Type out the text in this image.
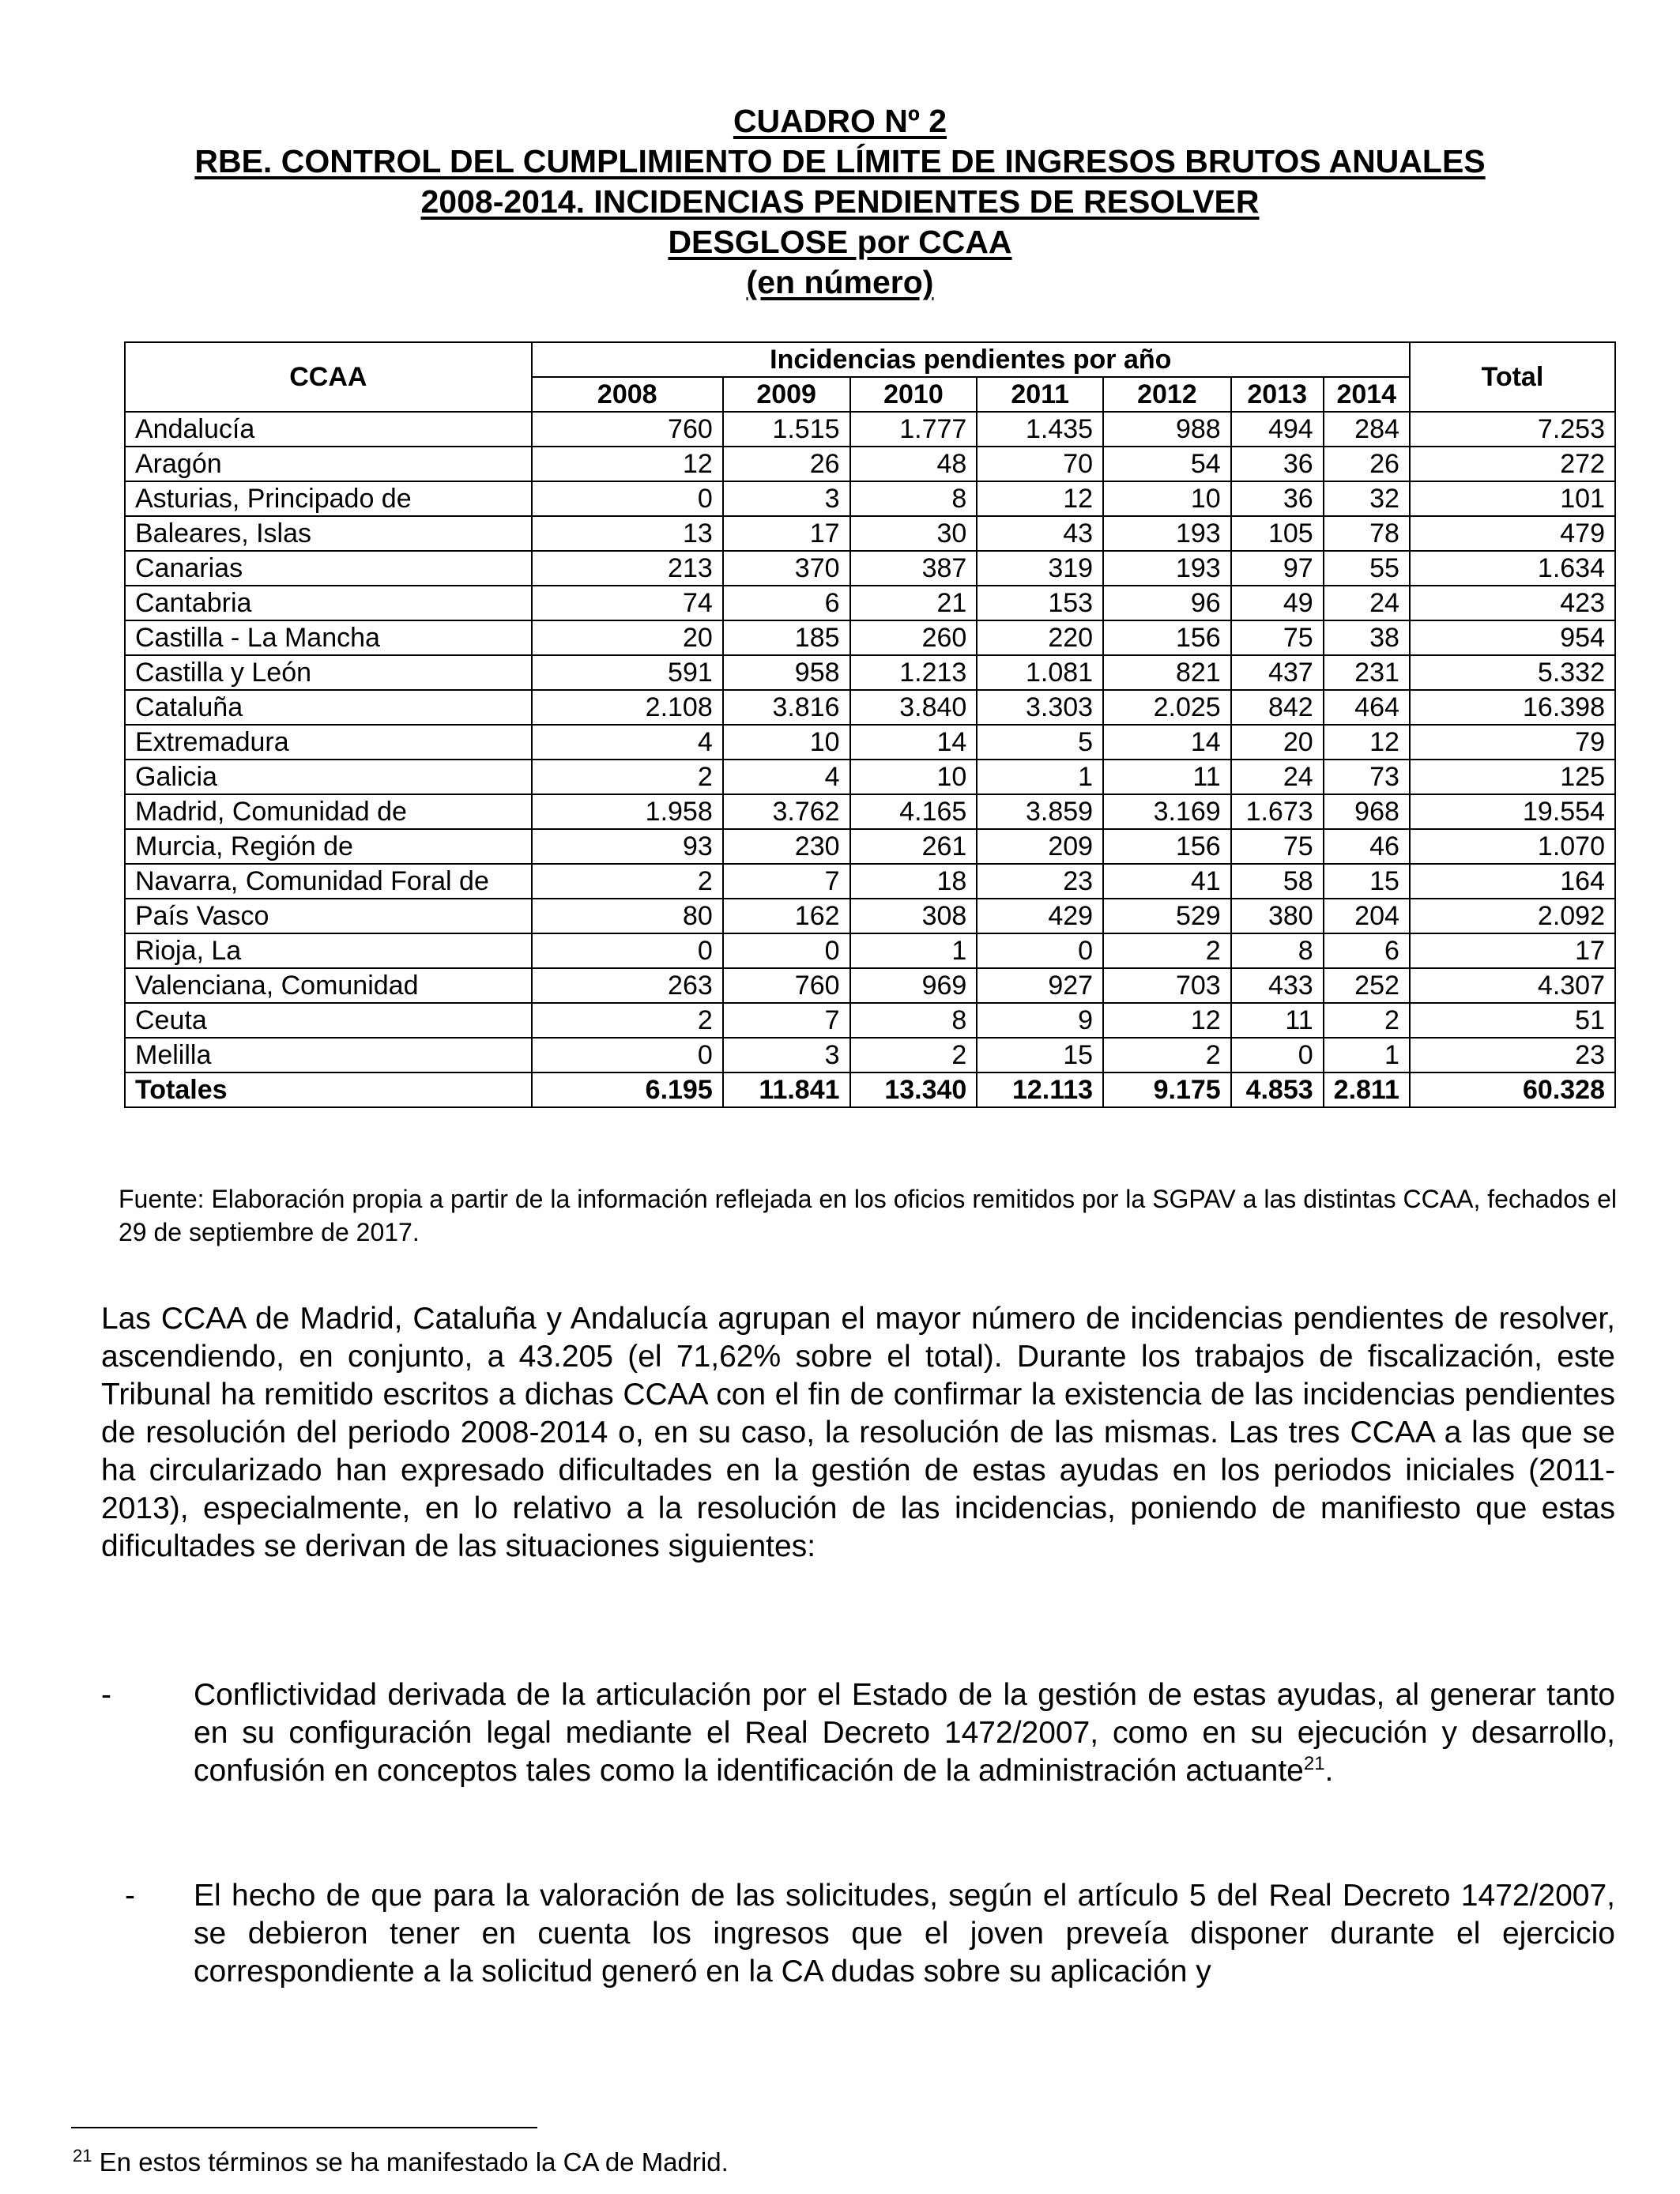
CUADRO Nº 2
RBE. CONTROL DEL CUMPLIMIENTO DE LÍMITE DE INGRESOS BRUTOS ANUALES
2008-2014. INCIDENCIAS PENDIENTES DE RESOLVER
DESGLOSE por CCAA
(en número)
CCAA	Incidencias pendientes por año							Total
	2008	2009	2010	2011	2012	2013	2014	
Andalucía	760	1.515	1.777	1.435	988	494	284	7.253
Aragón	12	26	48	70	54	36	26	272
Asturias, Principado de	0	3	8	12	10	36	32	101
Baleares, Islas	13	17	30	43	193	105	78	479
Canarias	213	370	387	319	193	97	55	1.634
Cantabria	74	6	21	153	96	49	24	423
Castilla - La Mancha	20	185	260	220	156	75	38	954
Castilla y León	591	958	1.213	1.081	821	437	231	5.332
Cataluña	2.108	3.816	3.840	3.303	2.025	842	464	16.398
Extremadura	4	10	14	5	14	20	12	79
Galicia	2	4	10	1	11	24	73	125
Madrid, Comunidad de	1.958	3.762	4.165	3.859	3.169	1.673	968	19.554
Murcia, Región de	93	230	261	209	156	75	46	1.070
Navarra, Comunidad Foral de	2	7	18	23	41	58	15	164
País Vasco	80	162	308	429	529	380	204	2.092
Rioja, La	0	0	1	0	2	8	6	17
Valenciana, Comunidad	263	760	969	927	703	433	252	4.307
Ceuta	2	7	8	9	12	11	2	51
Melilla	0	3	2	15	2	0	1	23
Totales	6.195	11.841	13.340	12.113	9.175	4.853	2.811	60.328
Fuente: Elaboración propia a partir de la información reflejada en los oficios remitidos por la SGPAV a las distintas CCAA, fechados el 29 de septiembre de 2017.
Las CCAA de Madrid, Cataluña y Andalucía agrupan el mayor número de incidencias pendientes de resolver, ascendiendo, en conjunto, a 43.205 (el 71,62% sobre el total). Durante los trabajos de fiscalización, este Tribunal ha remitido escritos a dichas CCAA con el fin de confirmar la existencia de las incidencias pendientes de resolución del periodo 2008-2014 o, en su caso, la resolución de las mismas. Las tres CCAA a las que se ha circularizado han expresado dificultades en la gestión de estas ayudas en los periodos iniciales (2011-2013), especialmente, en lo relativo a la resolución de las incidencias, poniendo de manifiesto que estas dificultades se derivan de las situaciones siguientes:
-	Conflictividad derivada de la articulación por el Estado de la gestión de estas ayudas, al generar tanto en su configuración legal mediante el Real Decreto 1472/2007, como en su ejecución y desarrollo, confusión en conceptos tales como la identificación de la administración actuante$^{21}$.
- El hecho de que para la valoración de las solicitudes, según el artículo 5 del Real Decreto 1472/2007, se debieron tener en cuenta los ingresos que el joven preveía disponer durante el ejercicio correspondiente a la solicitud generó en la CA dudas sobre su aplicación y
$^{21}$ En estos términos se ha manifestado la CA de Madrid.
